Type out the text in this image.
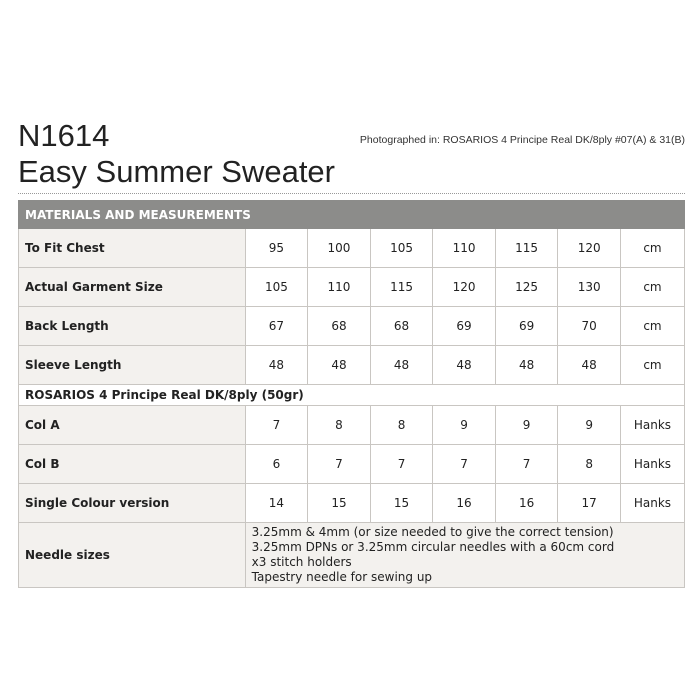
N1614
Easy Summer Sweater
Photographed in: ROSARIOS 4 Principe Real DK/8ply #07(A) & 31(B)
MATERIALS AND MEASUREMENTS							
To Fit Chest	95	100	105	110	115	120	cm
Actual Garment Size	105	110	115	120	125	130	cm
Back Length	67	68	68	69	69	70	cm
Sleeve Length	48	48	48	48	48	48	cm
ROSARIOS 4 Principe Real DK/8ply (50gr)							
Col A	7	8	8	9	9	9	Hanks
Col B	6	7	7	7	7	8	Hanks
Single Colour version	14	15	15	16	16	17	Hanks
Needle sizes	3.25mm & 4mm (or size needed to give the correct tension)
3.25mm DPNs or 3.25mm circular needles with a 60cm cord
x3 stitch holders
Tapestry needle for sewing up						
